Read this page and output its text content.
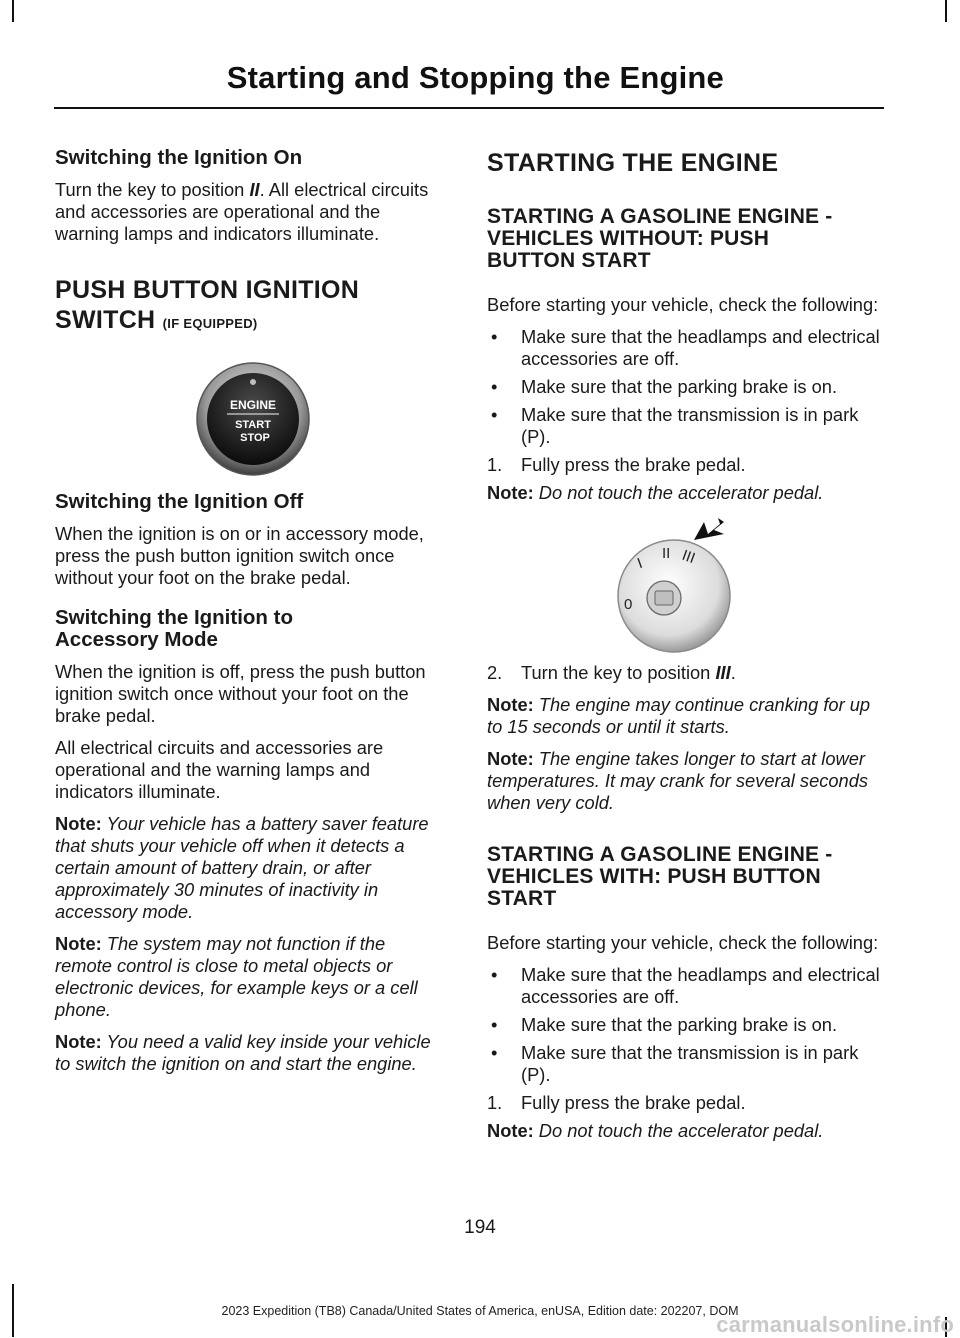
Starting and Stopping the Engine
Switching the Ignition On

Turn the key to position II. All electrical circuits and accessories are operational and the warning lamps and indicators illuminate.

PUSH BUTTON IGNITION
SWITCH (IF EQUIPPED)
ENGINE
START
STOP
Switching the Ignition Off

When the ignition is on or in accessory mode, press the push button ignition switch once without your foot on the brake pedal.

Switching the Ignition to
Accessory Mode

When the ignition is off, press the push button ignition switch once without your foot on the brake pedal.

All electrical circuits and accessories are operational and the warning lamps and indicators illuminate.

Note: Your vehicle has a battery saver feature that shuts your vehicle off when it detects a certain amount of battery drain, or after approximately 30 minutes of inactivity in accessory mode.

Note: The system may not function if the remote control is close to metal objects or electronic devices, for example keys or a cell phone.

Note: You need a valid key inside your vehicle to switch the ignition on and start the engine.

STARTING THE ENGINE
STARTING A GASOLINE ENGINE -
VEHICLES WITHOUT: PUSH
BUTTON START

Before starting your vehicle, check the following:

• Make sure that the headlamps and electrical accessories are off.
• Make sure that the parking brake is on.
• Make sure that the transmission is in park (P).
1. Fully press the brake pedal.

Note: Do not touch the accelerator pedal.

0
I
II III
2. Turn the key to position III.

Note: The engine may continue cranking for up to 15 seconds or until it starts.

Note: The engine takes longer to start at lower temperatures. It may crank for several seconds when very cold.

STARTING A GASOLINE ENGINE -
VEHICLES WITH: PUSH BUTTON
START

Before starting your vehicle, check the following:

• Make sure that the headlamps and electrical accessories are off.
• Make sure that the parking brake is on.
• Make sure that the transmission is in park (P).
1. Fully press the brake pedal.

Note: Do not touch the accelerator pedal.

194
2023 Expedition (TB8) Canada/United States of America, enUSA, Edition date: 202207, DOM
carmanualsonline.info
